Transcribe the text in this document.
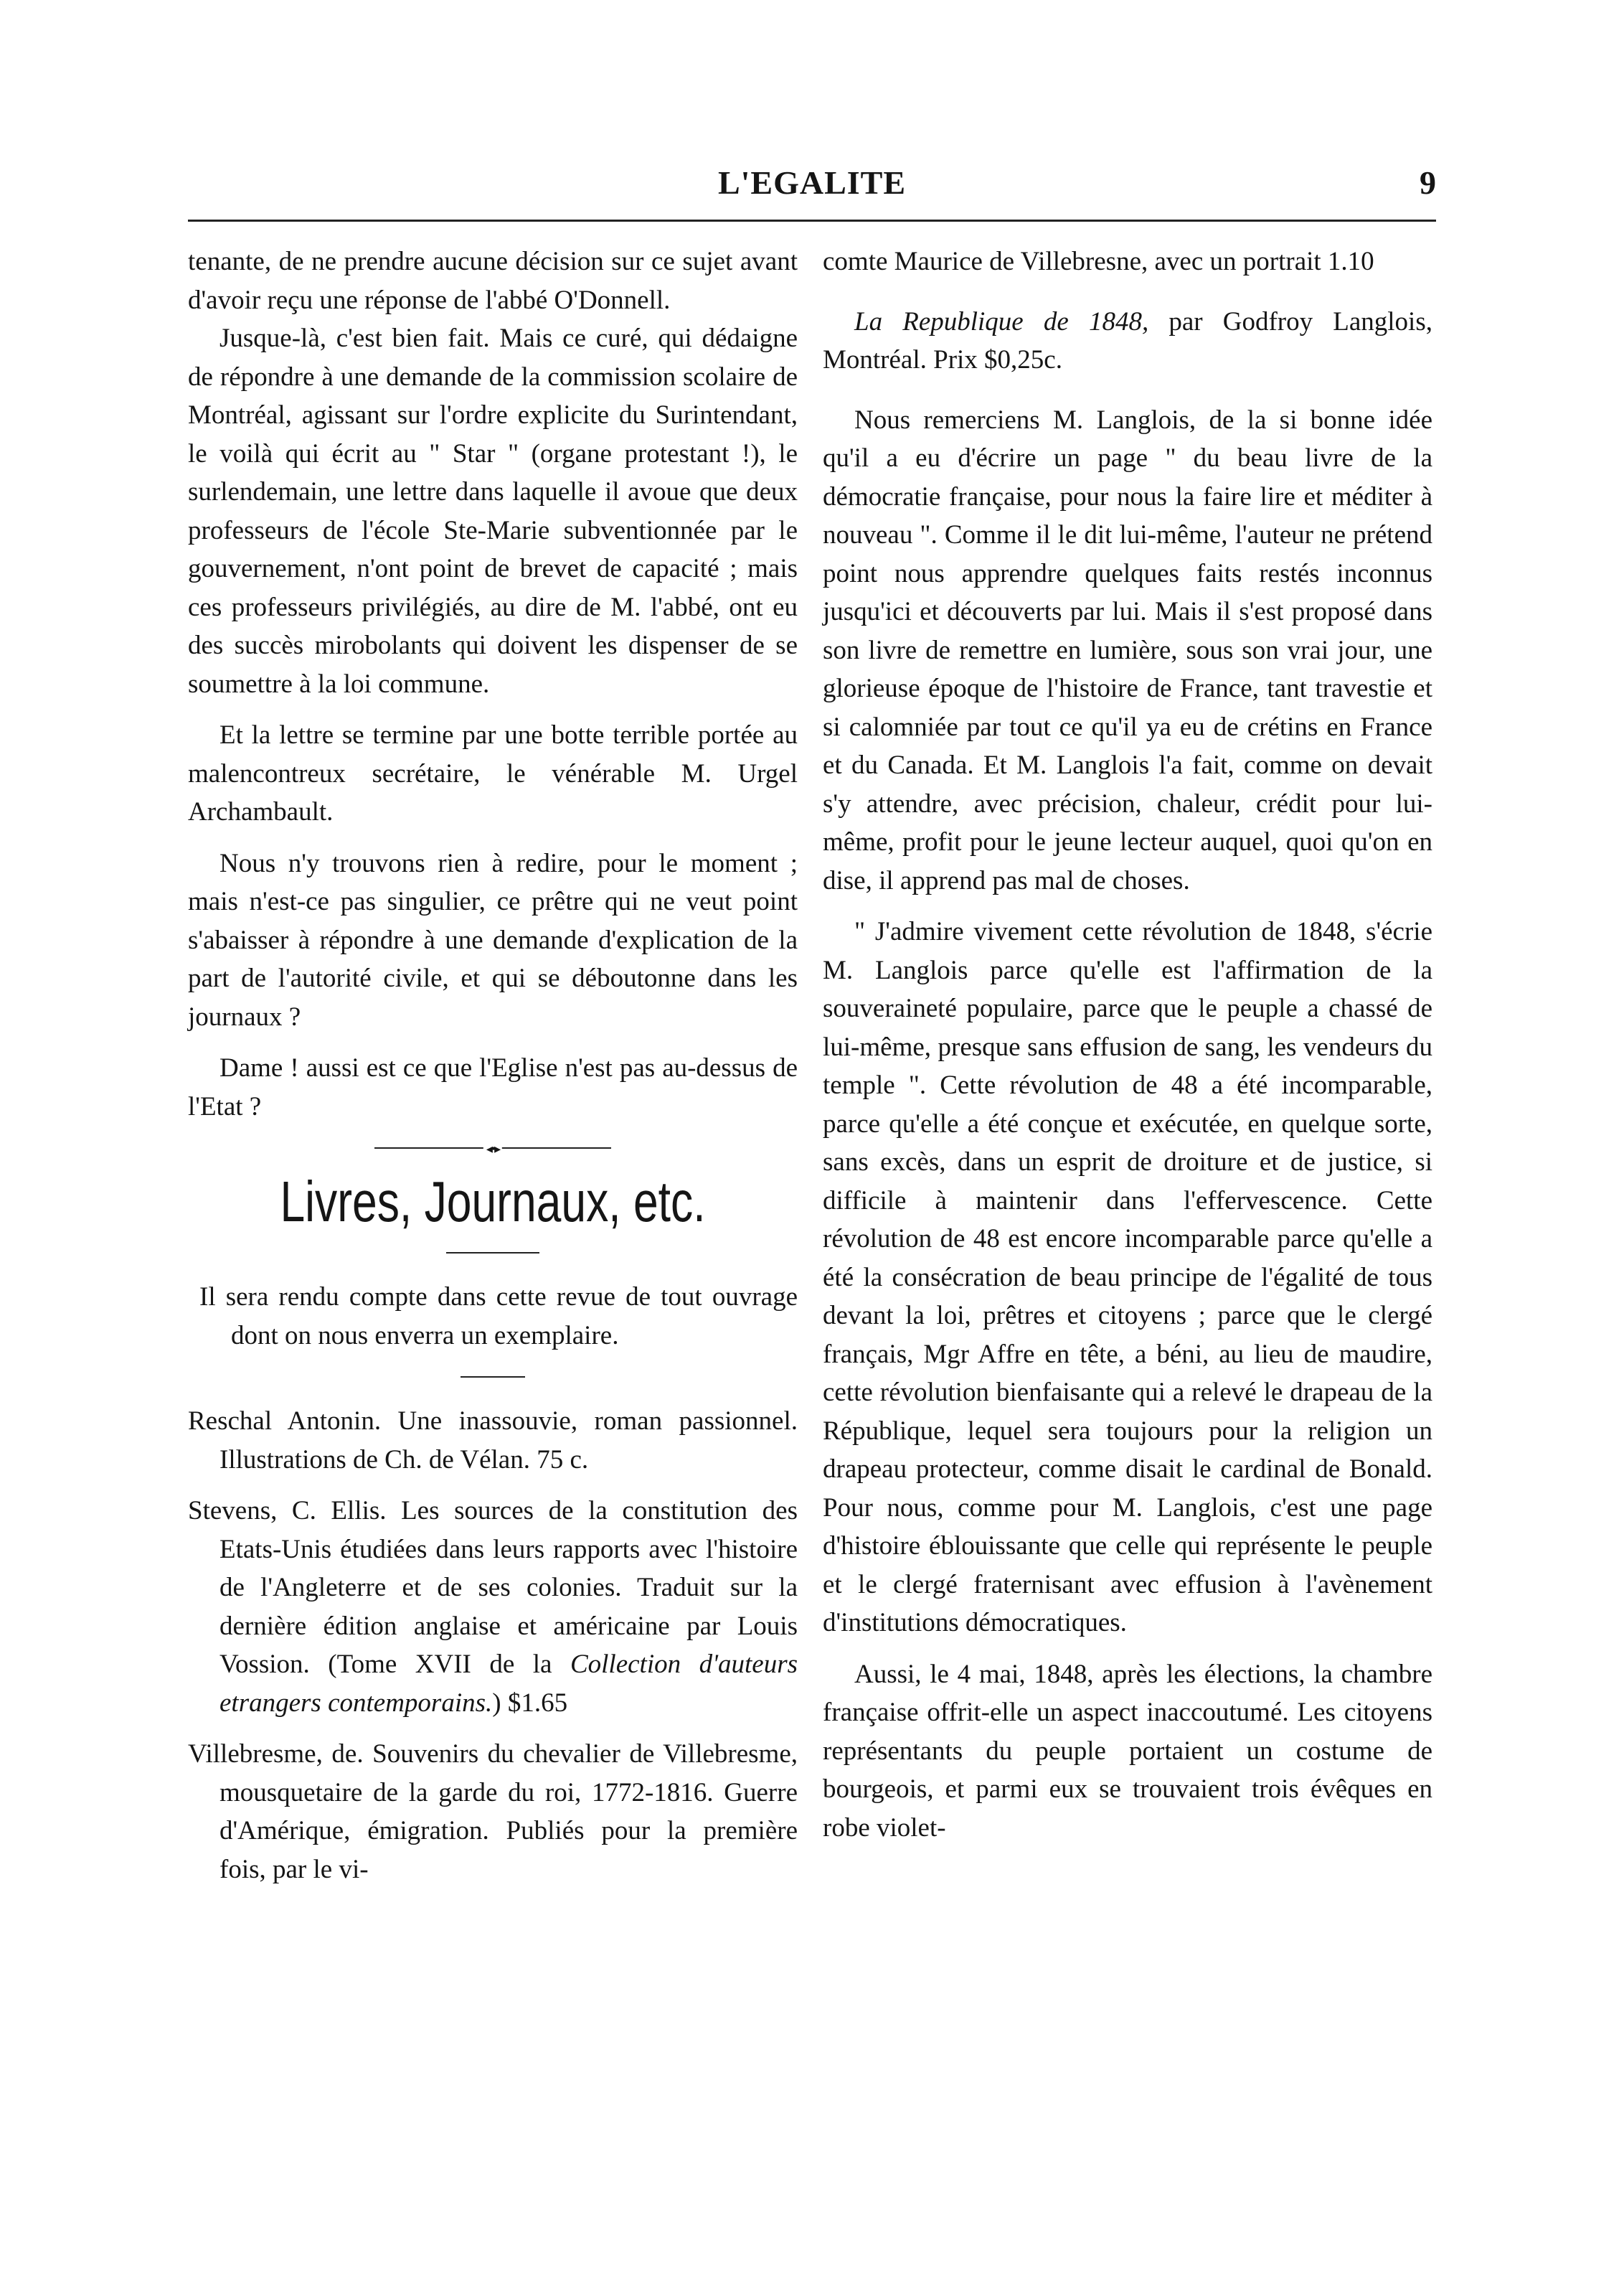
L'EGALITE	9

tenante, de ne prendre aucune décision sur ce sujet avant d'avoir reçu une réponse de l'abbé O'Donnell.

Jusque-là, c'est bien fait. Mais ce curé, qui dédaigne de répondre à une demande de la commission scolaire de Montréal, agissant sur l'ordre explicite du Surintendant, le voilà qui écrit au " Star " (organe protestant !), le surlendemain, une lettre dans laquelle il avoue que deux professeurs de l'école Ste-Marie subventionnée par le gouvernement, n'ont point de brevet de capacité ; mais ces professeurs privilégiés, au dire de M. l'abbé, ont eu des succès mirobolants qui doivent les dispenser de se soumettre à la loi commune.

Et la lettre se termine par une botte terrible portée au malencontreux secrétaire, le vénérable M. Urgel Archambault.

Nous n'y trouvons rien à redire, pour le moment ; mais n'est-ce pas singulier, ce prêtre qui ne veut point s'abaisser à répondre à une demande d'explication de la part de l'autorité civile, et qui se déboutonne dans les journaux ?

Dame ! aussi est ce que l'Eglise n'est pas au-dessus de l'Etat ?

◂•▸
Livres, Journaux, etc.

Il sera rendu compte dans cette revue de tout ouvrage dont on nous enverra un exemplaire.

Reschal Antonin. Une inassouvie, roman passionnel. Illustrations de Ch. de Vélan. 75 c.

Stevens, C. Ellis. Les sources de la constitution des Etats-Unis étudiées dans leurs rapports avec l'histoire de l'Angleterre et de ses colonies. Traduit sur la dernière édition anglaise et américaine par Louis Vossion. (Tome XVII de la Collection d'auteurs etrangers contemporains.) $1.65

Villebresme, de. Souvenirs du chevalier de Villebresme, mousquetaire de la garde du roi, 1772-1816. Guerre d'Amérique, émigration. Publiés pour la première fois, par le vi-

comte Maurice de Villebresne, avec un portrait 1.10

La Republique de 1848, par Godfroy Langlois, Montréal. Prix $0,25c.

Nous remerciens M. Langlois, de la si bonne idée qu'il a eu d'écrire un page " du beau livre de la démocratie française, pour nous la faire lire et méditer à nouveau ". Comme il le dit lui-même, l'auteur ne prétend point nous apprendre quelques faits restés inconnus jusqu'ici et découverts par lui. Mais il s'est proposé dans son livre de remettre en lumière, sous son vrai jour, une glorieuse époque de l'histoire de France, tant travestie et si calomniée par tout ce qu'il ya eu de crétins en France et du Canada. Et M. Langlois l'a fait, comme on devait s'y attendre, avec précision, chaleur, crédit pour lui-même, profit pour le jeune lecteur auquel, quoi qu'on en dise, il apprend pas mal de choses.

" J'admire vivement cette révolution de 1848, s'écrie M. Langlois parce qu'elle est l'affirmation de la souveraineté populaire, parce que le peuple a chassé de lui-même, presque sans effusion de sang, les vendeurs du temple ". Cette révolution de 48 a été incomparable, parce qu'elle a été conçue et exécutée, en quelque sorte, sans excès, dans un esprit de droiture et de justice, si difficile à maintenir dans l'effervescence. Cette révolution de 48 est encore incomparable parce qu'elle a été la consécration de beau principe de l'égalité de tous devant la loi, prêtres et citoyens ; parce que le clergé français, Mgr Affre en tête, a béni, au lieu de maudire, cette révolution bienfaisante qui a relevé le drapeau de la République, lequel sera toujours pour la religion un drapeau protecteur, comme disait le cardinal de Bonald. Pour nous, comme pour M. Langlois, c'est une page d'histoire éblouissante que celle qui représente le peuple et le clergé fraternisant avec effusion à l'avènement d'institutions démocratiques.

Aussi, le 4 mai, 1848, après les élections, la chambre française offrit-elle un aspect inaccoutumé. Les citoyens représentants du peuple portaient un costume de bourgeois, et parmi eux se trouvaient trois évêques en robe violet-
